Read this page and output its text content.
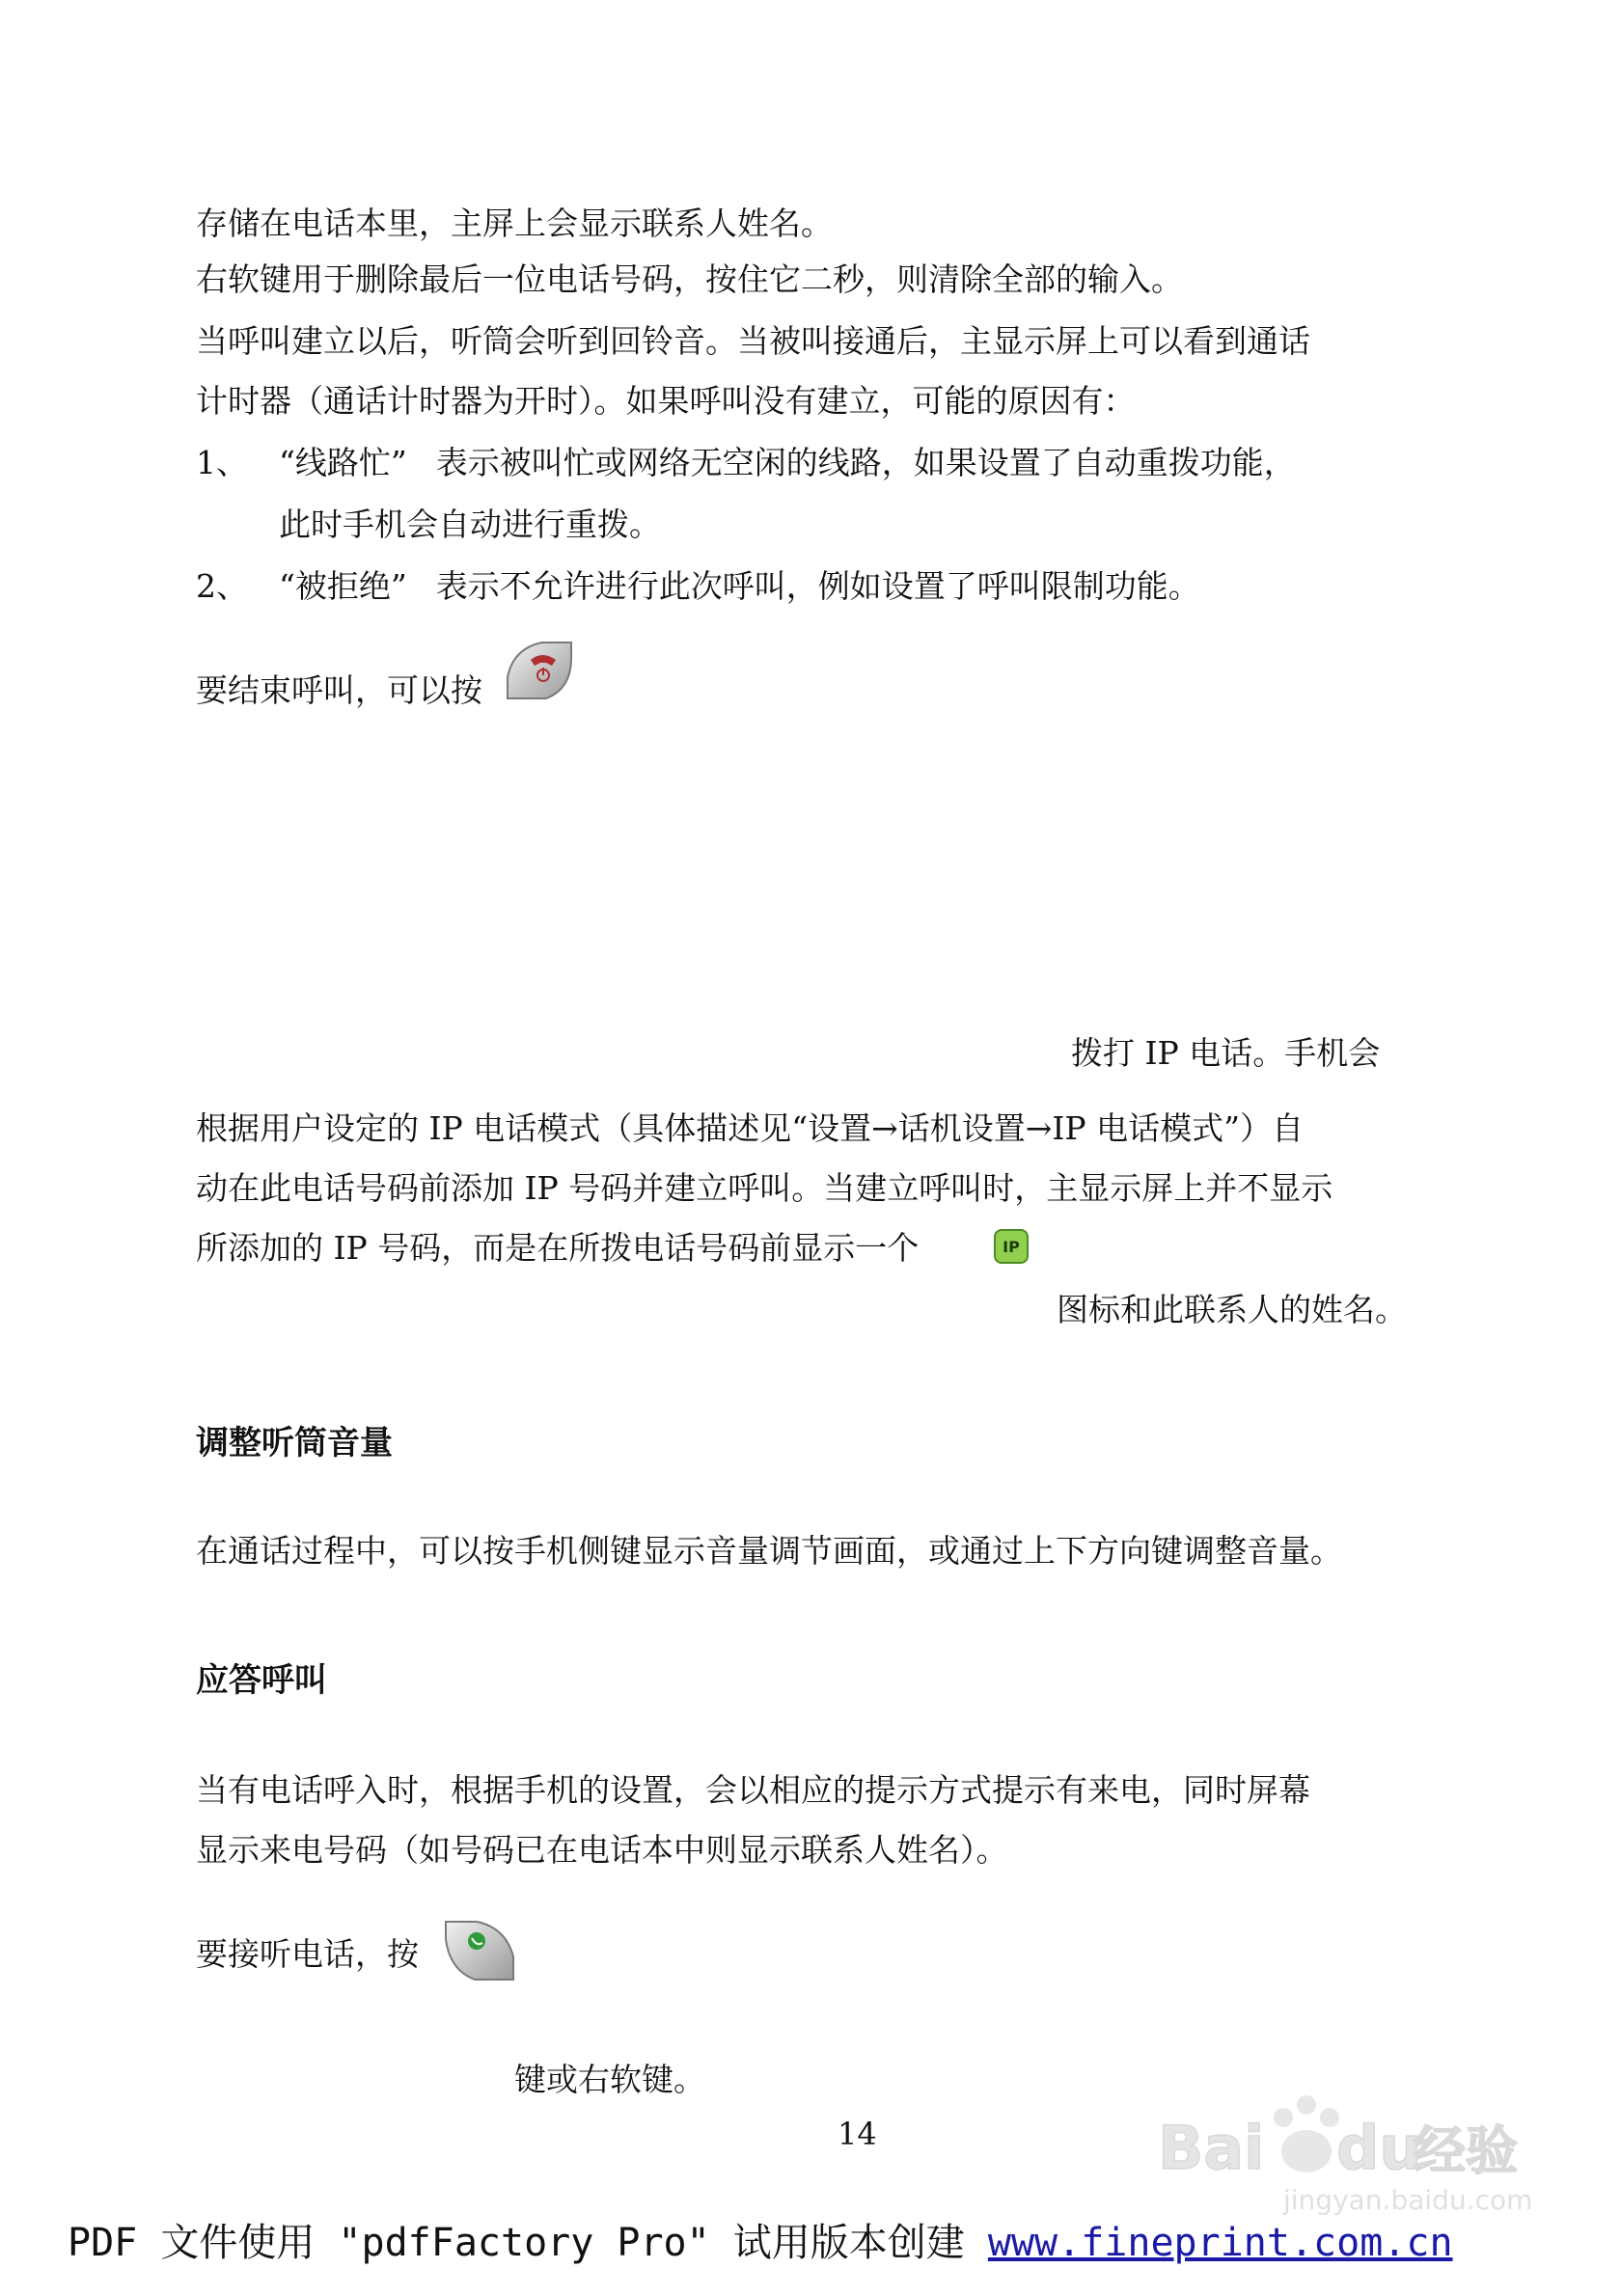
存储在电话本里，主屏上会显示联系人姓名。
右软键用于删除最后一位电话号码，按住它二秒，则清除全部的输入。
当呼叫建立以后，听筒会听到回铃音。当被叫接通后，主显示屏上可以看到通话
计时器（通话计时器为开时）。如果呼叫没有建立，可能的原因有：
1、 “线路忙” 表示被叫忙或网络无空闲的线路，如果设置了自动重拨功能，
此时手机会自动进行重拨。
2、 “被拒绝” 表示不允许进行此次呼叫，例如设置了呼叫限制功能。
要结束呼叫，可以按
拨打 IP 电话。手机会
根据用户设定的 IP 电话模式（具体描述见“设置→话机设置→IP 电话模式”）自
动在此电话号码前添加 IP 号码并建立呼叫。当建立呼叫时，主显示屏上并不显示
所添加的 IP 号码，而是在所拨电话号码前显示一个	IP
图标和此联系人的姓名。
调整听筒音量
在通话过程中，可以按手机侧键显示音量调节画面，或通过上下方向键调整音量。
应答呼叫
当有电话呼入时，根据手机的设置，会以相应的提示方式提示有来电，同时屏幕
显示来电号码（如号码已在电话本中则显示联系人姓名）。
要接听电话，按
键或右软键。
14	Bai du
经验
jingyan.baidu.com
PDF 文件使用 "pdfFactory Pro" 试用版本创建 www.fineprint.com.cn
